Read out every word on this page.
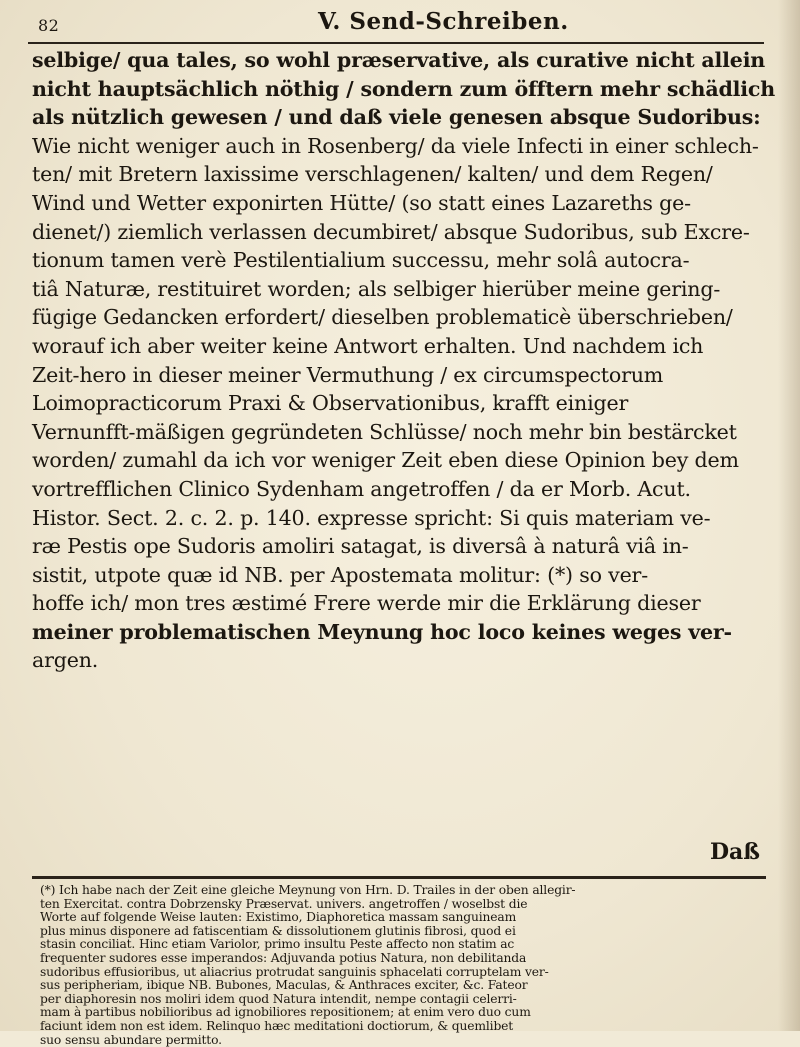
82	V. Send-Schreiben.
selbige/ qua tales, so wohl præservative, als curative nicht allein
nicht hauptsächlich nöthig / sondern zum öfftern mehr schädlich
als nützlich gewesen / und daß viele genesen absque Sudoribus:
Wie nicht weniger auch in Rosenberg/ da viele Infecti in einer schlech-
ten/ mit Bretern laxissime verschlagenen/ kalten/ und dem Regen/
Wind und Wetter exponirten Hütte/ (so statt eines Lazareths ge-
dienet/) ziemlich verlassen decumbiret/ absque Sudoribus, sub Excre-
tionum tamen verè Pestilentialium successu, mehr solâ autocra-
tiâ Naturæ, restituiret worden; als selbiger hierüber meine gering-
fügige Gedancken erfordert/ dieselben problematicè überschrieben/
worauf ich aber weiter keine Antwort erhalten. Und nachdem ich
Zeit-hero in dieser meiner Vermuthung / ex circumspectorum
Loimopracticorum Praxi & Observationibus, krafft einiger
Vernunfft-mäßigen gegründeten Schlüsse/ noch mehr bin bestärcket
worden/ zumahl da ich vor weniger Zeit eben diese Opinion bey dem
vortrefflichen Clinico Sydenham angetroffen / da er Morb. Acut.
Histor. Sect. 2. c. 2. p. 140. expresse spricht: Si quis materiam ve-
ræ Pestis ope Sudoris amoliri satagat, is diversâ à naturâ viâ in-
sistit, utpote quæ id NB. per Apostemata molitur: (*) so ver-
hoffe ich/ mon tres æstimé Frere werde mir die Erklärung dieser
meiner problematischen Meynung hoc loco keines weges ver-
argen.
Daß
(*) Ich habe nach der Zeit eine gleiche Meynung von Hrn. D. Trailes in der oben allegir-
ten Exercitat. contra Dobrzensky Præservat. univers. angetroffen / woselbst die
Worte auf folgende Weise lauten: Existimo, Diaphoretica massam sanguineam
plus minus disponere ad fatiscentiam & dissolutionem glutinis fibrosi, quod ei
stasin conciliat. Hinc etiam Variolor, primo insultu Peste affecto non statim ac
frequenter sudores esse imperandos: Adjuvanda potius Natura, non debilitanda
sudoribus effusioribus, ut aliacrius protrudat sanguinis sphacelati corruptelam ver-
sus peripheriam, ibique NB. Bubones, Maculas, & Anthraces exciter, &c. Fateor
per diaphoresin nos moliri idem quod Natura intendit, nempe contagii celerri-
mam à partibus nobilioribus ad ignobiliores repositionem; at enim vero duo cum
faciunt idem non est idem. Relinquo hæc meditationi doctiorum, & quemlibet
suo sensu abundare permitto.
